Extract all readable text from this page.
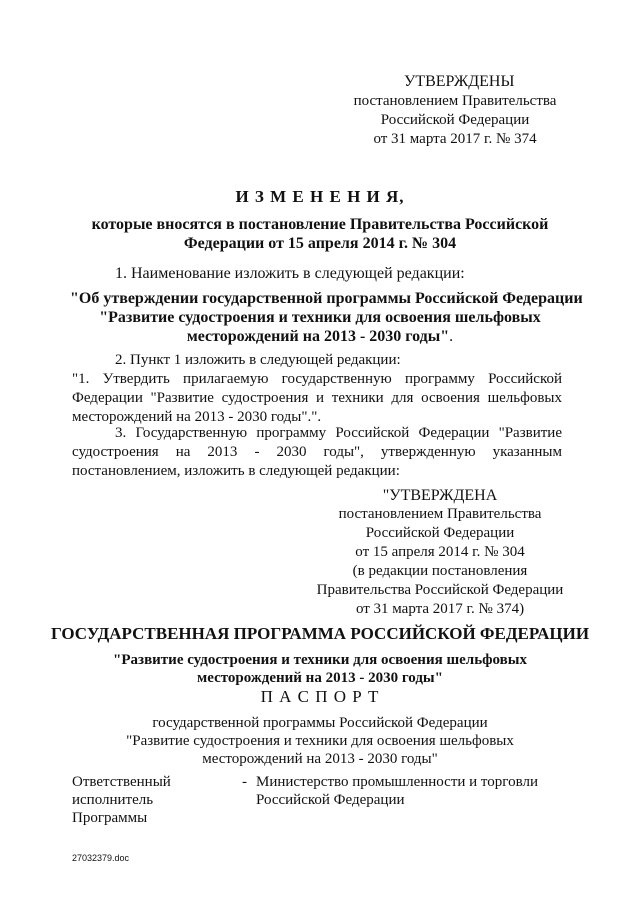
УТВЕРЖДЕНЫ
постановлением Правительства
Российской Федерации
от 31 марта 2017 г. № 374
И З М Е Н Е Н И Я,
которые вносятся в постановление Правительства Российской
Федерации от 15 апреля 2014 г. № 304
1. Наименование изложить в следующей редакции:
"Об утверждении государственной программы Российской Федерации
"Развитие судостроения и техники для освоения шельфовых
месторождений на 2013 - 2030 годы".
2. Пункт 1 изложить в следующей редакции:
"1. Утвердить прилагаемую государственную программу Российской
Федерации "Развитие судостроения и техники для освоения шельфовых
месторождений на 2013 - 2030 годы".".
3. Государственную программу Российской Федерации "Развитие
судостроения на 2013 - 2030 годы", утвержденную указанным
постановлением, изложить в следующей редакции:
"УТВЕРЖДЕНА
постановлением Правительства
Российской Федерации
от 15 апреля 2014 г. № 304
(в редакции постановления
Правительства Российской Федерации
от 31 марта 2017 г. № 374)
ГОСУДАРСТВЕННАЯ ПРОГРАММА РОССИЙСКОЙ ФЕДЕРАЦИИ
"Развитие судостроения и техники для освоения шельфовых
месторождений на 2013 - 2030 годы"
П А С П О Р Т
государственной программы Российской Федерации
"Развитие судостроения и техники для освоения шельфовых
месторождений на 2013 - 2030 годы"
Ответственный
исполнитель
Программы
- Министерство промышленности и торговли
Российской Федерации
27032379.doc
